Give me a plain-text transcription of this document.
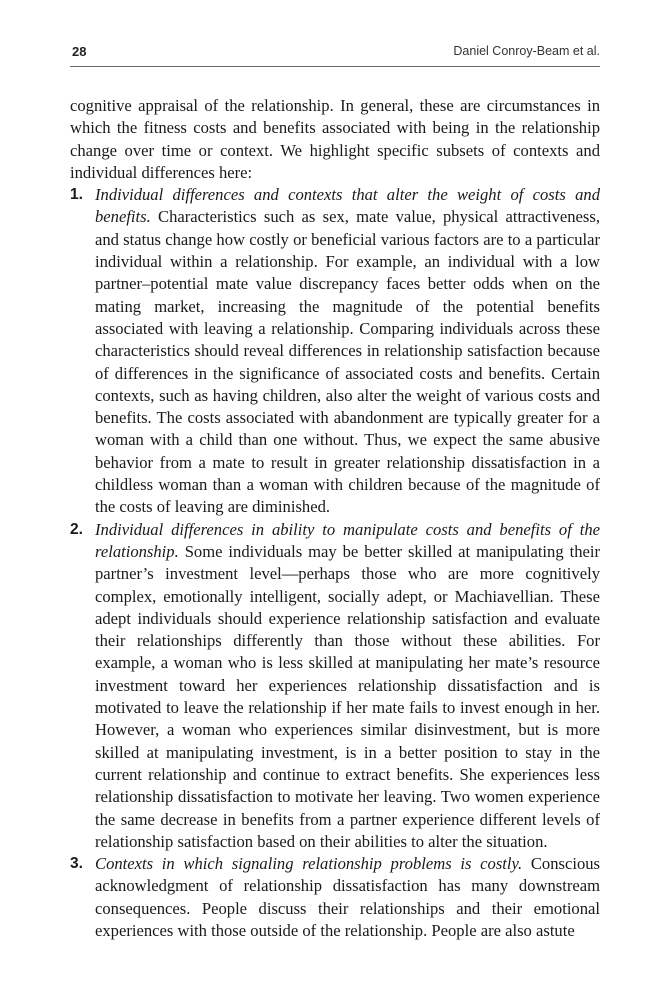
28	Daniel Conroy-Beam et al.

cognitive appraisal of the relationship. In general, these are circumstances in which the fitness costs and benefits associated with being in the relationship change over time or context. We highlight specific subsets of contexts and individual differences here:

1. Individual differences and contexts that alter the weight of costs and benefits. Characteristics such as sex, mate value, physical attractiveness, and status change how costly or beneficial various factors are to a particular individual within a relationship. For example, an individual with a low partner–potential mate value discrepancy faces better odds when on the mating market, increasing the magnitude of the potential benefits associated with leaving a relationship. Comparing individuals across these characteristics should reveal differences in relationship satisfaction because of differences in the significance of associated costs and benefits. Certain contexts, such as having children, also alter the weight of various costs and benefits. The costs associated with abandonment are typically greater for a woman with a child than one without. Thus, we expect the same abusive behavior from a mate to result in greater relationship dissatisfaction in a childless woman than a woman with children because of the magnitude of the costs of leaving are diminished.
2. Individual differences in ability to manipulate costs and benefits of the relationship. Some individuals may be better skilled at manipulating their partner’s investment level—perhaps those who are more cognitively complex, emotionally intelligent, socially adept, or Machiavellian. These adept individuals should experience relationship satisfaction and evaluate their relationships differently than those without these abilities. For example, a woman who is less skilled at manipulating her mate’s resource investment toward her experiences relationship dissatisfaction and is motivated to leave the relationship if her mate fails to invest enough in her. However, a woman who experiences similar disinvestment, but is more skilled at manipulating investment, is in a better position to stay in the current relationship and continue to extract benefits. She experiences less relationship dissatisfaction to motivate her leaving. Two women experience the same decrease in benefits from a partner experience different levels of relationship satisfaction based on their abilities to alter the situation.
3. Contexts in which signaling relationship problems is costly. Conscious acknowledgment of relationship dissatisfaction has many downstream consequences. People discuss their relationships and their emotional experiences with those outside of the relationship. People are also astute
